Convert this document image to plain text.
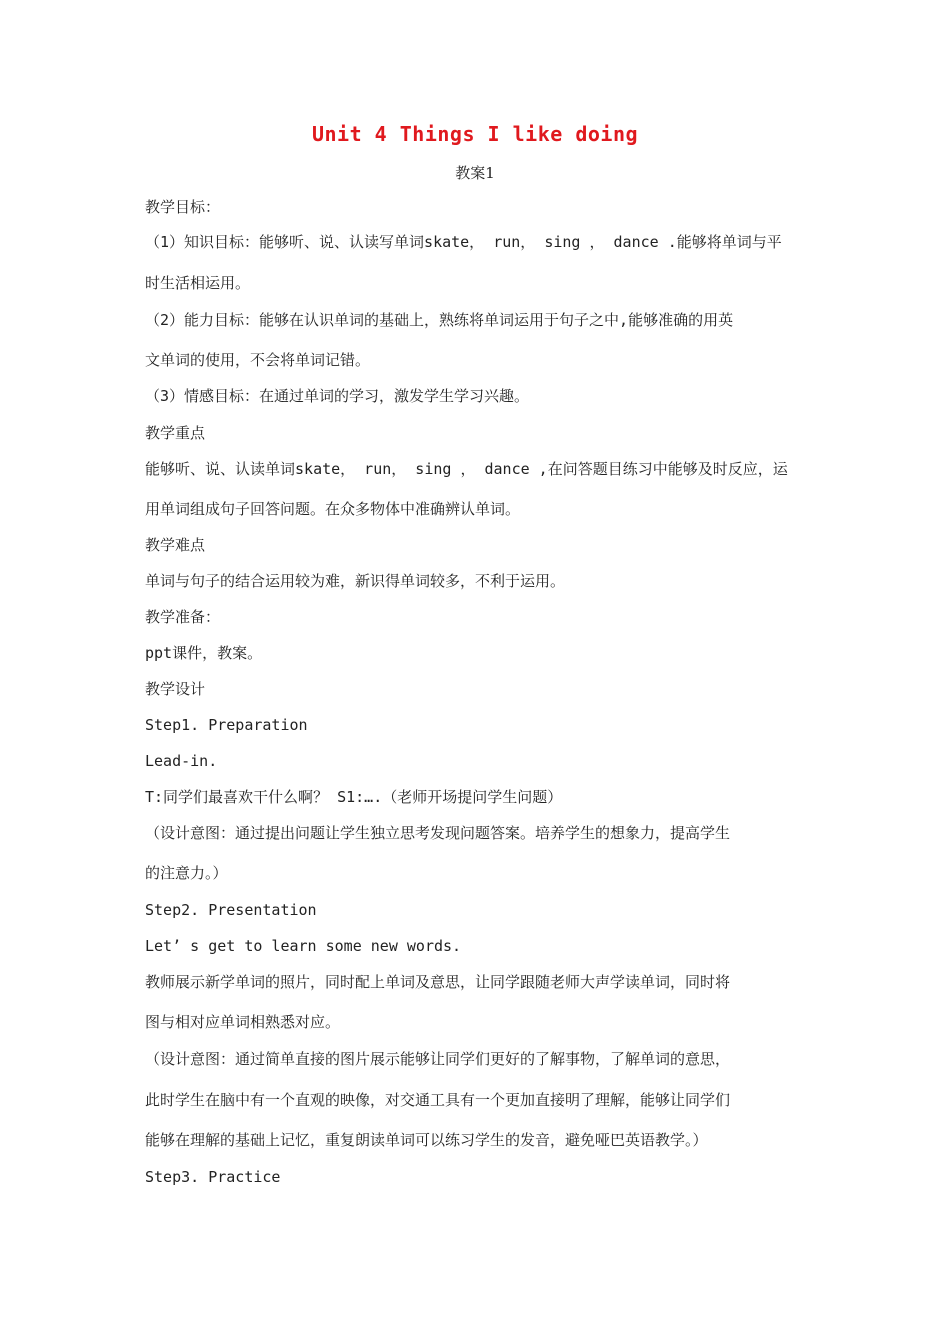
Unit 4 Things I like doing
教案1
教学目标：
（1）知识目标：能够听、说、认读写单词skate， run， sing ， dance .能够将单词与平
时生活相运用。
（2）能力目标：能够在认识单词的基础上，熟练将单词运用于句子之中,能够准确的用英
文单词的使用，不会将单词记错。
（3）情感目标：在通过单词的学习，激发学生学习兴趣。
教学重点
能够听、说、认读单词skate， run， sing ， dance ,在问答题目练习中能够及时反应，运
用单词组成句子回答问题。在众多物体中准确辨认单词。
教学难点
单词与句子的结合运用较为难，新识得单词较多，不利于运用。
教学准备：
ppt课件，教案。
教学设计
Step1. Preparation
Lead-in.
T:同学们最喜欢干什么啊？ S1:….（老师开场提问学生问题）
（设计意图：通过提出问题让学生独立思考发现问题答案。培养学生的想象力，提高学生
的注意力。）
Step2. Presentation
Let’ s get to learn some new words.
教师展示新学单词的照片，同时配上单词及意思，让同学跟随老师大声学读单词，同时将
图与相对应单词相熟悉对应。
（设计意图：通过简单直接的图片展示能够让同学们更好的了解事物，了解单词的意思，
此时学生在脑中有一个直观的映像，对交通工具有一个更加直接明了理解，能够让同学们
能够在理解的基础上记忆，重复朗读单词可以练习学生的发音，避免哑巴英语教学。）
Step3. Practice
